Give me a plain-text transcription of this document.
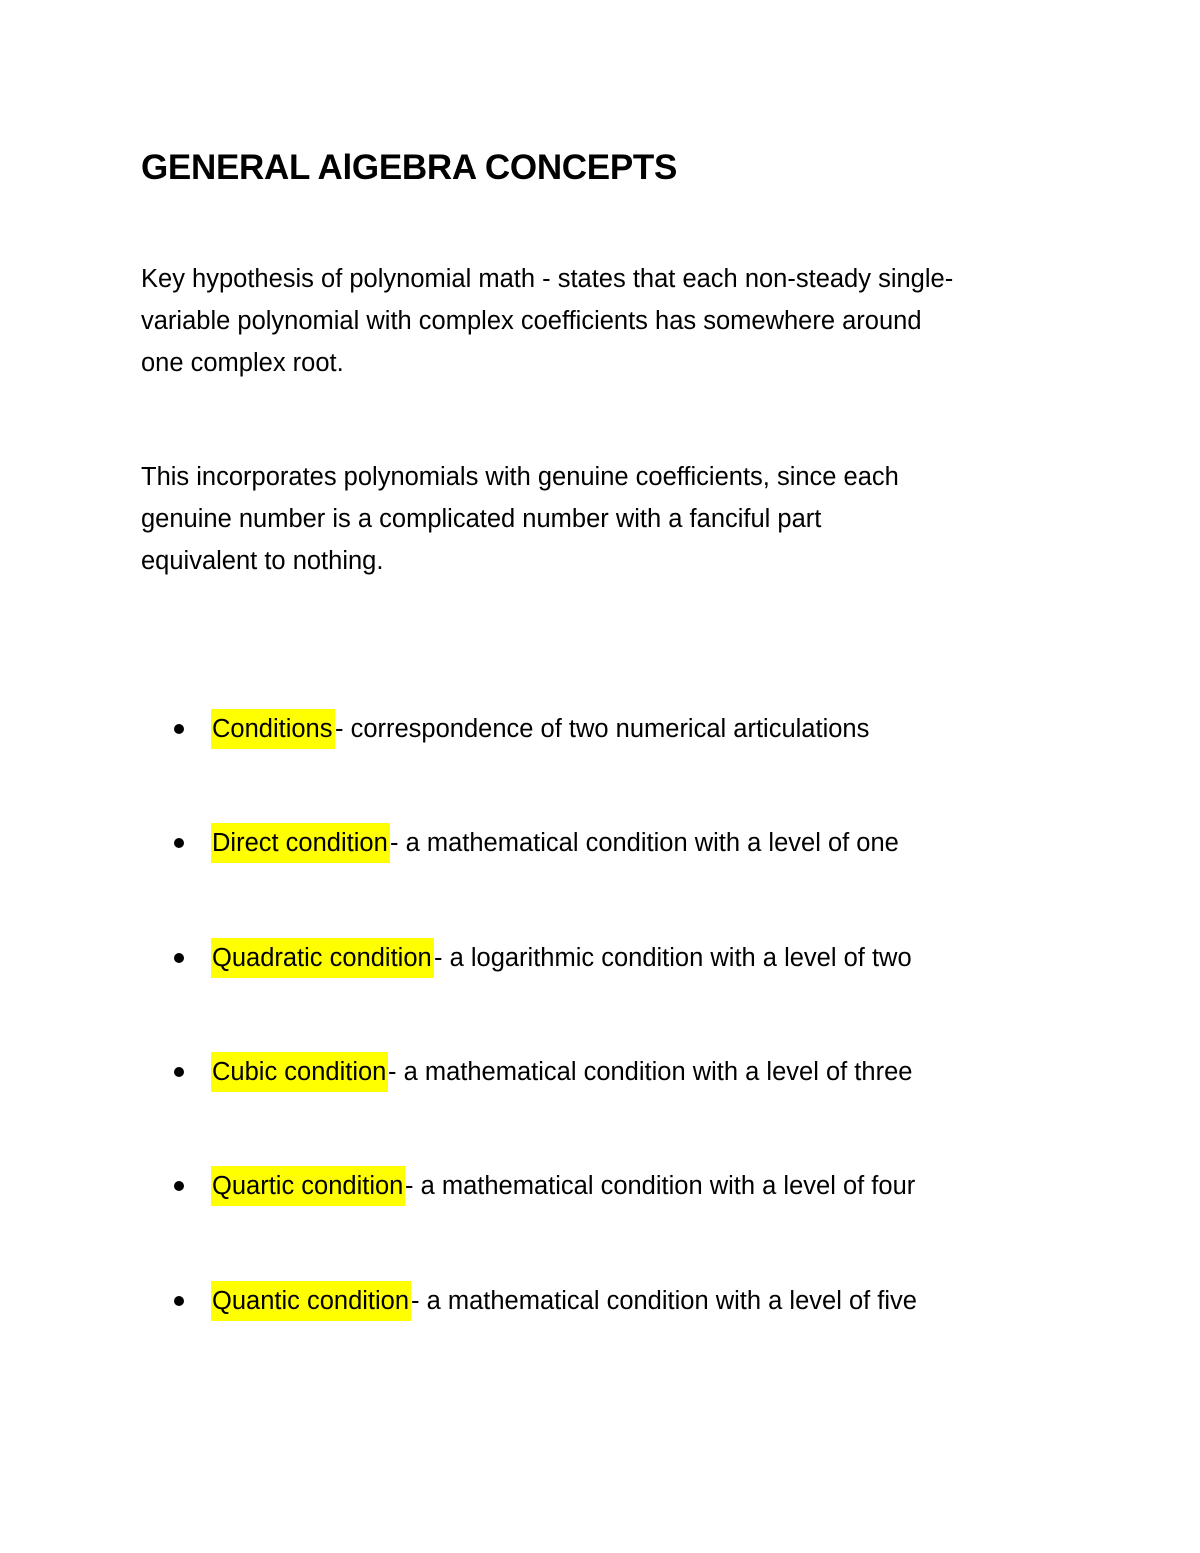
GENERAL AlGEBRA CONCEPTS

Key hypothesis of polynomial math - states that each non-steady single-
variable polynomial with complex coefficients has somewhere around
one complex root.

This incorporates polynomials with genuine coefficients, since each
genuine number is a complicated number with a fanciful part
equivalent to nothing.

Conditions - correspondence of two numerical articulations
Direct condition - a mathematical condition with a level of one
Quadratic condition - a logarithmic condition with a level of two
Cubic condition - a mathematical condition with a level of three
Quartic condition - a mathematical condition with a level of four
Quantic condition - a mathematical condition with a level of five
